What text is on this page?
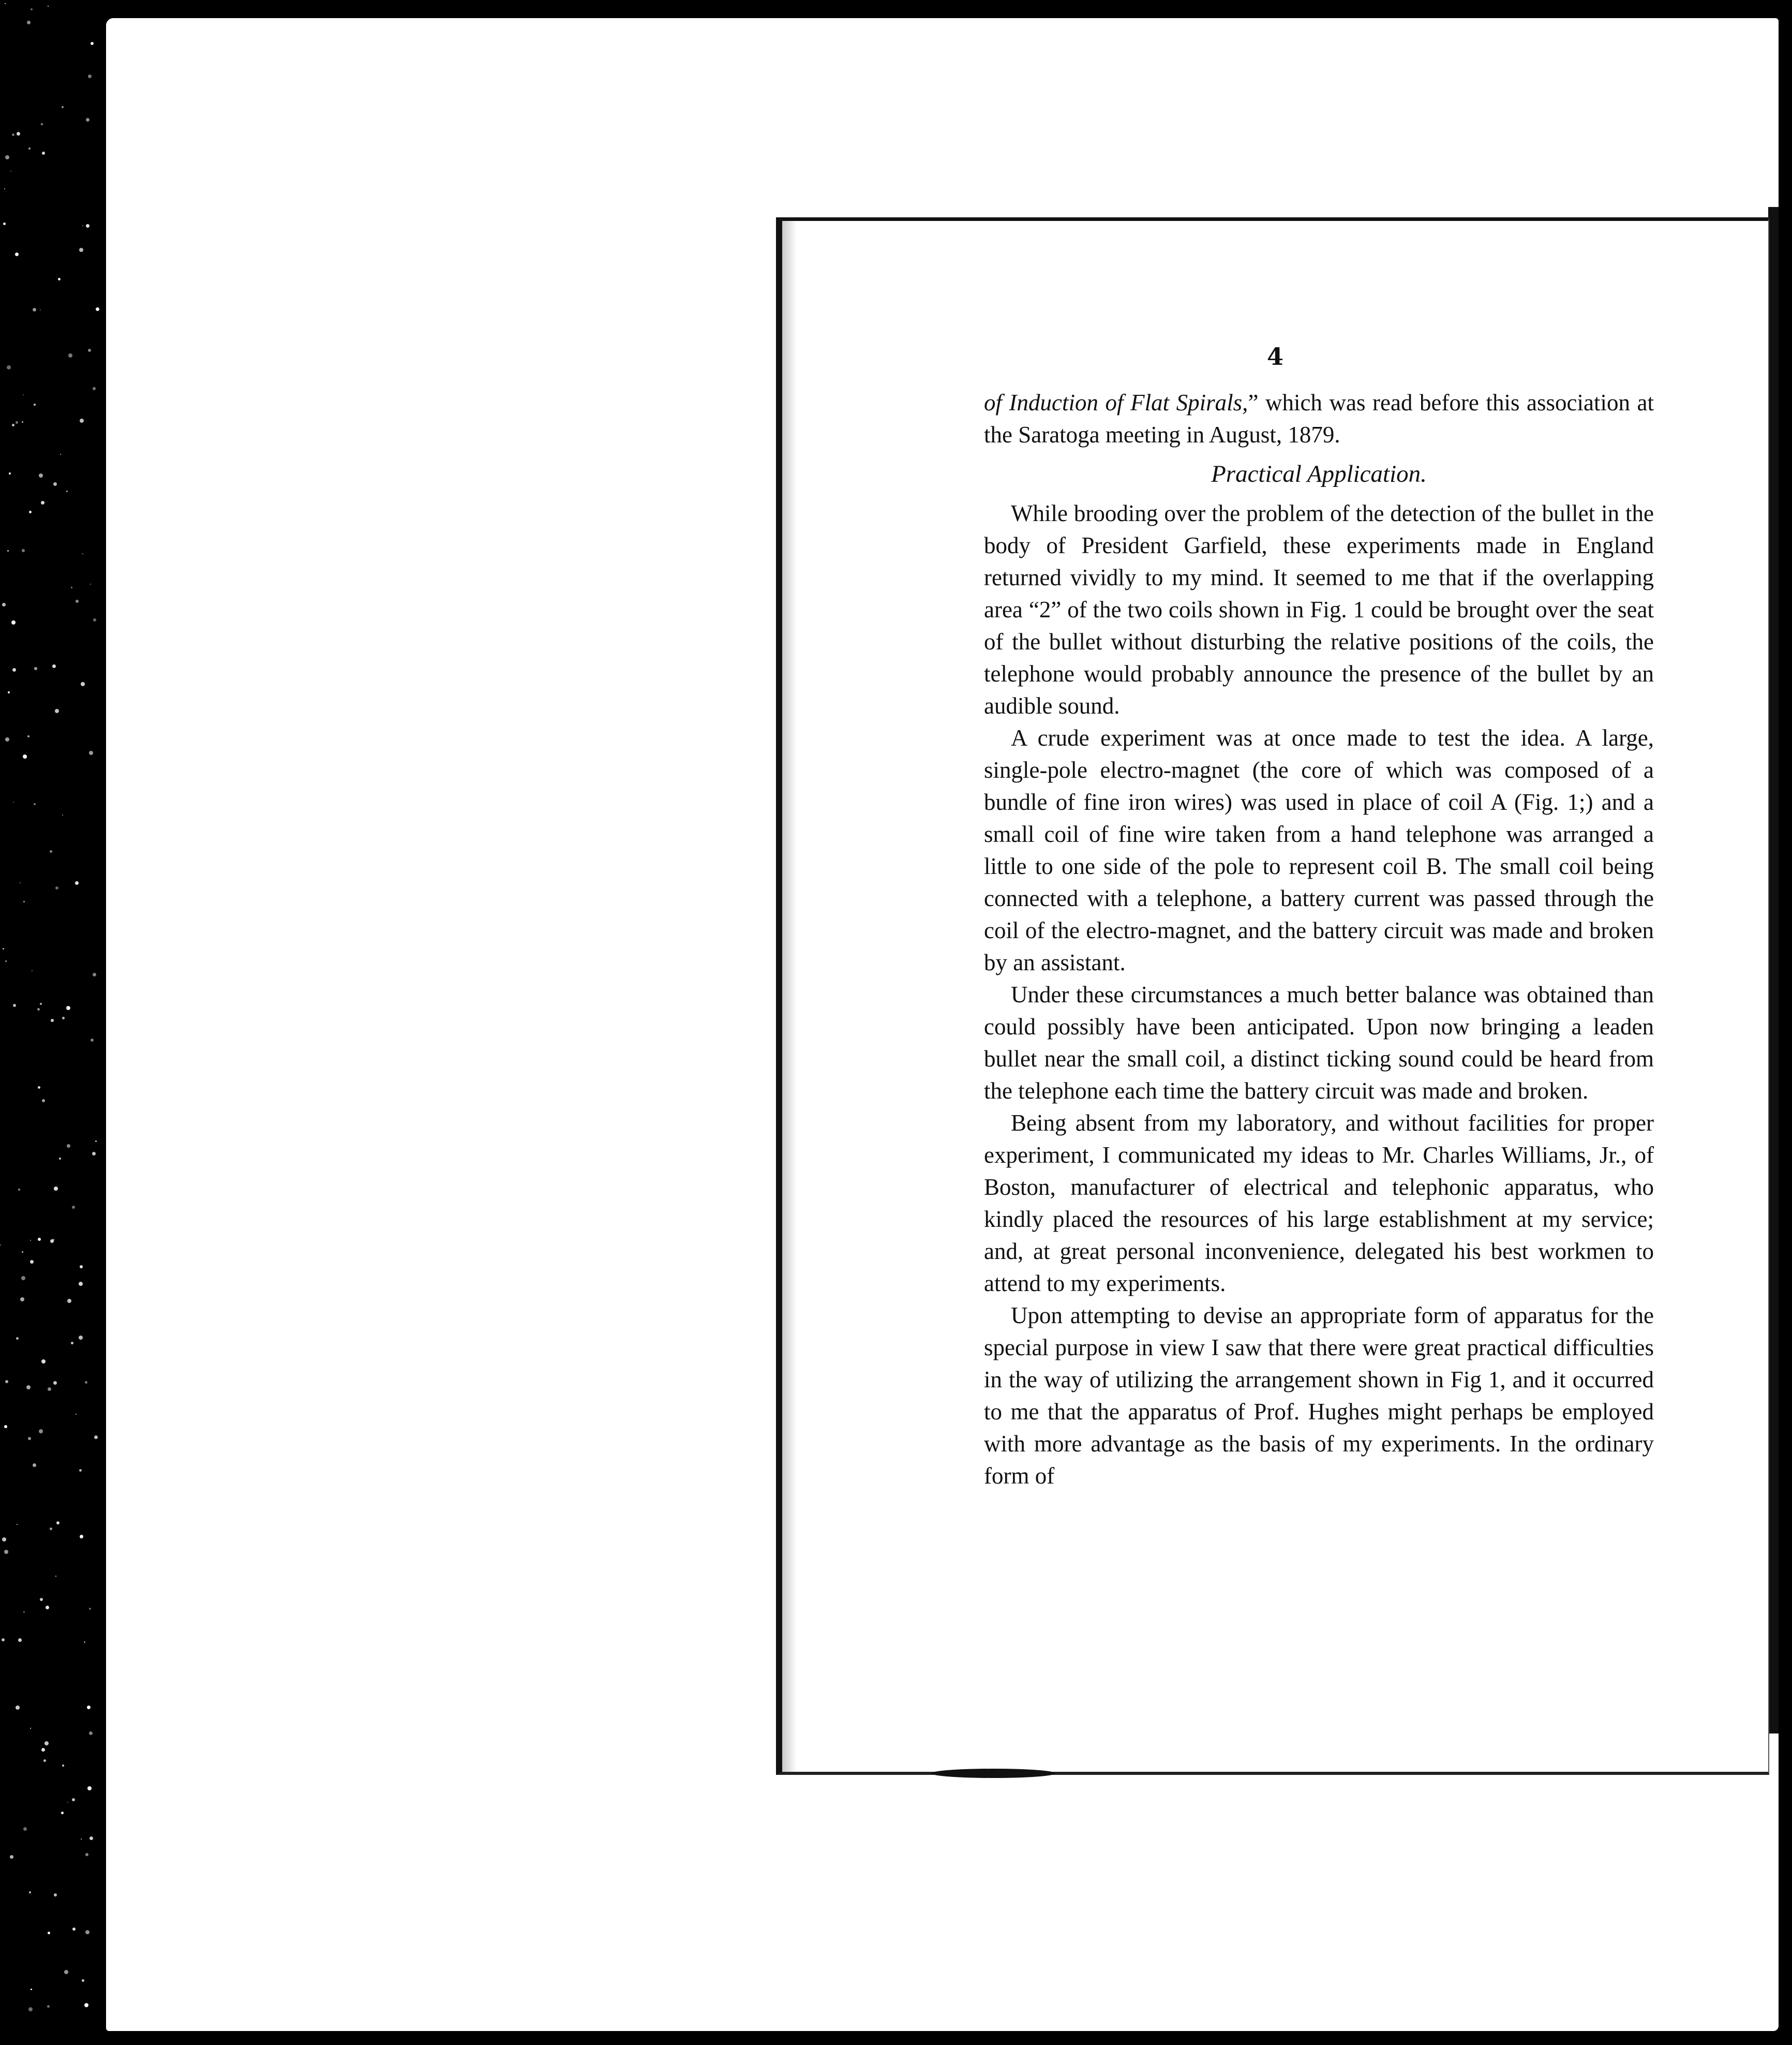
4

of Induction of Flat Spirals,” which was read before this association at the Saratoga meeting in August, 1879.

Practical Application.

While brooding over the problem of the detection of the bullet in the body of President Garfield, these experiments made in England returned vividly to my mind. It seemed to me that if the overlapping area “2” of the two coils shown in Fig. 1 could be brought over the seat of the bullet without disturbing the relative positions of the coils, the telephone would probably announce the presence of the bullet by an audible sound.

A crude experiment was at once made to test the idea. A large, single-pole electro-magnet (the core of which was composed of a bundle of fine iron wires) was used in place of coil A (Fig. 1;) and a small coil of fine wire taken from a hand telephone was arranged a little to one side of the pole to represent coil B. The small coil being connected with a telephone, a battery current was passed through the coil of the electro-magnet, and the battery circuit was made and broken by an assistant.

Under these circumstances a much better balance was obtained than could possibly have been anticipated. Upon now bringing a leaden bullet near the small coil, a distinct ticking sound could be heard from the telephone each time the battery circuit was made and broken.

Being absent from my laboratory, and without facilities for proper experiment, I communicated my ideas to Mr. Charles Williams, Jr., of Boston, manufacturer of electrical and telephonic apparatus, who kindly placed the resources of his large establishment at my service; and, at great personal inconvenience, delegated his best workmen to attend to my experiments.

Upon attempting to devise an appropriate form of apparatus for the special purpose in view I saw that there were great practical difficulties in the way of utilizing the arrangement shown in Fig 1, and it occurred to me that the apparatus of Prof. Hughes might perhaps be employed with more advantage as the basis of my experiments. In the ordinary form of
